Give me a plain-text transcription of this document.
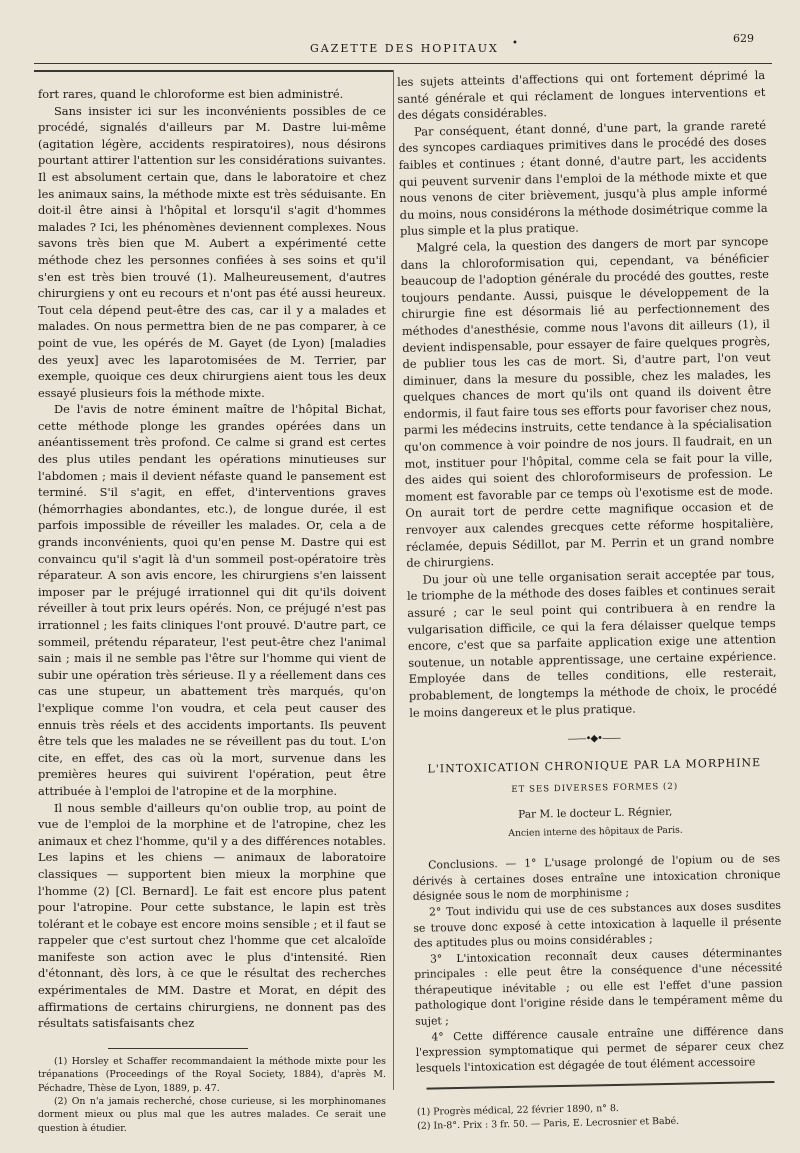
GAZETTE DES HOPITAUX •	629

fort rares, quand le chloroforme est bien administré.

Sans insister ici sur les inconvénients possibles de ce procédé, signalés d'ailleurs par M. Dastre lui-même (agitation légère, accidents respiratoires), nous désirons pourtant attirer l'attention sur les considérations suivantes. Il est absolument certain que, dans le laboratoire et chez les animaux sains, la méthode mixte est très séduisante. En doit-il être ainsi à l'hôpital et lorsqu'il s'agit d'hommes malades ? Ici, les phénomènes deviennent complexes. Nous savons très bien que M. Aubert a expérimenté cette méthode chez les personnes confiées à ses soins et qu'il s'en est très bien trouvé (1). Malheureusement, d'autres chirurgiens y ont eu recours et n'ont pas été aussi heureux. Tout cela dépend peut-être des cas, car il y a malades et malades. On nous permettra bien de ne pas comparer, à ce point de vue, les opérés de M. Gayet (de Lyon) [maladies des yeux] avec les laparotomisées de M. Terrier, par exemple, quoique ces deux chirurgiens aient tous les deux essayé plusieurs fois la méthode mixte.

De l'avis de notre éminent maître de l'hôpital Bichat, cette méthode plonge les grandes opérées dans un anéantissement très profond. Ce calme si grand est certes des plus utiles pendant les opérations minutieuses sur l'abdomen ; mais il devient néfaste quand le pansement est terminé. S'il s'agit, en effet, d'interventions graves (hémorrhagies abondantes, etc.), de longue durée, il est parfois impossible de réveiller les malades. Or, cela a de grands inconvénients, quoi qu'en pense M. Dastre qui est convaincu qu'il s'agit là d'un sommeil post-opératoire très réparateur. A son avis encore, les chirurgiens s'en laissent imposer par le préjugé irrationnel qui dit qu'ils doivent réveiller à tout prix leurs opérés. Non, ce préjugé n'est pas irrationnel ; les faits cliniques l'ont prouvé. D'autre part, ce sommeil, prétendu réparateur, l'est peut-être chez l'animal sain ; mais il ne semble pas l'être sur l'homme qui vient de subir une opération très sérieuse. Il y a réellement dans ces cas une stupeur, un abattement très marqués, qu'on l'explique comme l'on voudra, et cela peut causer des ennuis très réels et des accidents importants. Ils peuvent être tels que les malades ne se réveillent pas du tout. L'on cite, en effet, des cas où la mort, survenue dans les premières heures qui suivirent l'opération, peut être attribuée à l'emploi de l'atropine et de la morphine.

Il nous semble d'ailleurs qu'on oublie trop, au point de vue de l'emploi de la morphine et de l'atropine, chez les animaux et chez l'homme, qu'il y a des différences notables. Les lapins et les chiens — animaux de laboratoire classiques — supportent bien mieux la morphine que l'homme (2) [Cl. Bernard]. Le fait est encore plus patent pour l'atropine. Pour cette substance, le lapin est très tolérant et le cobaye est encore moins sensible ; et il faut se rappeler que c'est surtout chez l'homme que cet alcaloïde manifeste son action avec le plus d'intensité. Rien d'étonnant, dès lors, à ce que le résultat des recherches expérimentales de MM. Dastre et Morat, en dépit des affirmations de certains chirurgiens, ne donnent pas des résultats satisfaisants chez

(1) Horsley et Schaffer recommandaient la méthode mixte pour les trépanations (Proceedings of the Royal Society, 1884), d'après M. Péchadre, Thèse de Lyon, 1889, p. 47.

(2) On n'a jamais recherché, chose curieuse, si les morphinomanes dorment mieux ou plus mal que les autres malades. Ce serait une question à étudier.

les sujets atteints d'affections qui ont fortement déprimé la santé générale et qui réclament de longues interventions et des dégats considérables.

Par conséquent, étant donné, d'une part, la grande rareté des syncopes cardiaques primitives dans le procédé des doses faibles et continues ; étant donné, d'autre part, les accidents qui peuvent survenir dans l'emploi de la méthode mixte et que nous venons de citer brièvement, jusqu'à plus ample informé du moins, nous considérons la méthode dosimétrique comme la plus simple et la plus pratique.

Malgré cela, la question des dangers de mort par syncope dans la chloroformisation qui, cependant, va bénéficier beaucoup de l'adoption générale du procédé des gouttes, reste toujours pendante. Aussi, puisque le développement de la chirurgie fine est désormais lié au perfectionnement des méthodes d'anesthésie, comme nous l'avons dit ailleurs (1), il devient indispensable, pour essayer de faire quelques progrès, de publier tous les cas de mort. Si, d'autre part, l'on veut diminuer, dans la mesure du possible, chez les malades, les quelques chances de mort qu'ils ont quand ils doivent être endormis, il faut faire tous ses efforts pour favoriser chez nous, parmi les médecins instruits, cette tendance à la spécialisation qu'on commence à voir poindre de nos jours. Il faudrait, en un mot, instituer pour l'hôpital, comme cela se fait pour la ville, des aides qui soient des chloroformiseurs de profession. Le moment est favorable par ce temps où l'exotisme est de mode. On aurait tort de perdre cette magnifique occasion et de renvoyer aux calendes grecques cette réforme hospitalière, réclamée, depuis Sédillot, par M. Perrin et un grand nombre de chirurgiens.

Du jour où une telle organisation serait acceptée par tous, le triomphe de la méthode des doses faibles et continues serait assuré ; car le seul point qui contribuera à en rendre la vulgarisation difficile, ce qui la fera délaisser quelque temps encore, c'est que sa parfaite application exige une attention soutenue, un notable apprentissage, une certaine expérience. Employée dans de telles conditions, elle resterait, probablement, de longtemps la méthode de choix, le procédé le moins dangereux et le plus pratique.

——•◆•——
L'INTOXICATION CHRONIQUE PAR LA MORPHINE
ET SES DIVERSES FORMES (2)
Par M. le docteur L. Régnier,
Ancien interne des hôpitaux de Paris.

Conclusions. — 1° L'usage prolongé de l'opium ou de ses dérivés à certaines doses entraîne une intoxication chronique désignée sous le nom de morphinisme ;

2° Tout individu qui use de ces substances aux doses susdites se trouve donc exposé à cette intoxication à laquelle il présente des aptitudes plus ou moins considérables ;

3° L'intoxication reconnaît deux causes déterminantes principales : elle peut être la conséquence d'une nécessité thérapeutique inévitable ; ou elle est l'effet d'une passion pathologique dont l'origine réside dans le tempérament même du sujet ;

4° Cette différence causale entraîne une différence dans l'expression symptomatique qui permet de séparer ceux chez lesquels l'intoxication est dégagée de tout élément accessoire

(1) Progrès médical, 22 février 1890, n° 8.

(2) In-8°. Prix : 3 fr. 50. — Paris, E. Lecrosnier et Babé.
